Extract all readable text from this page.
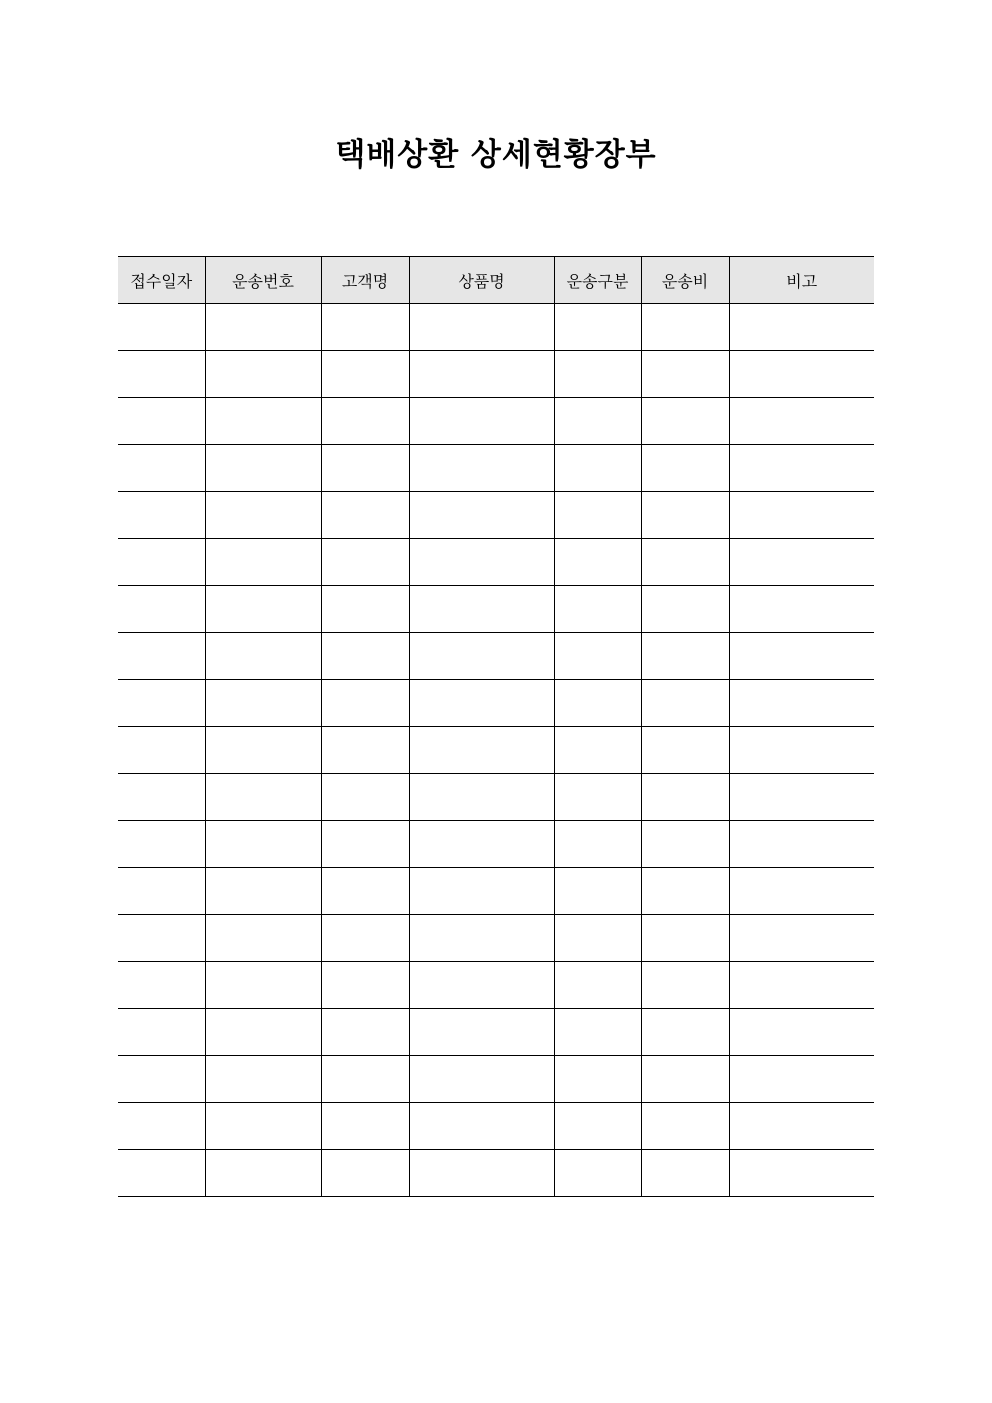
택배상환 상세현황장부
접수일자	운송번호	고객명	상품명	운송구분	운송비	비고
